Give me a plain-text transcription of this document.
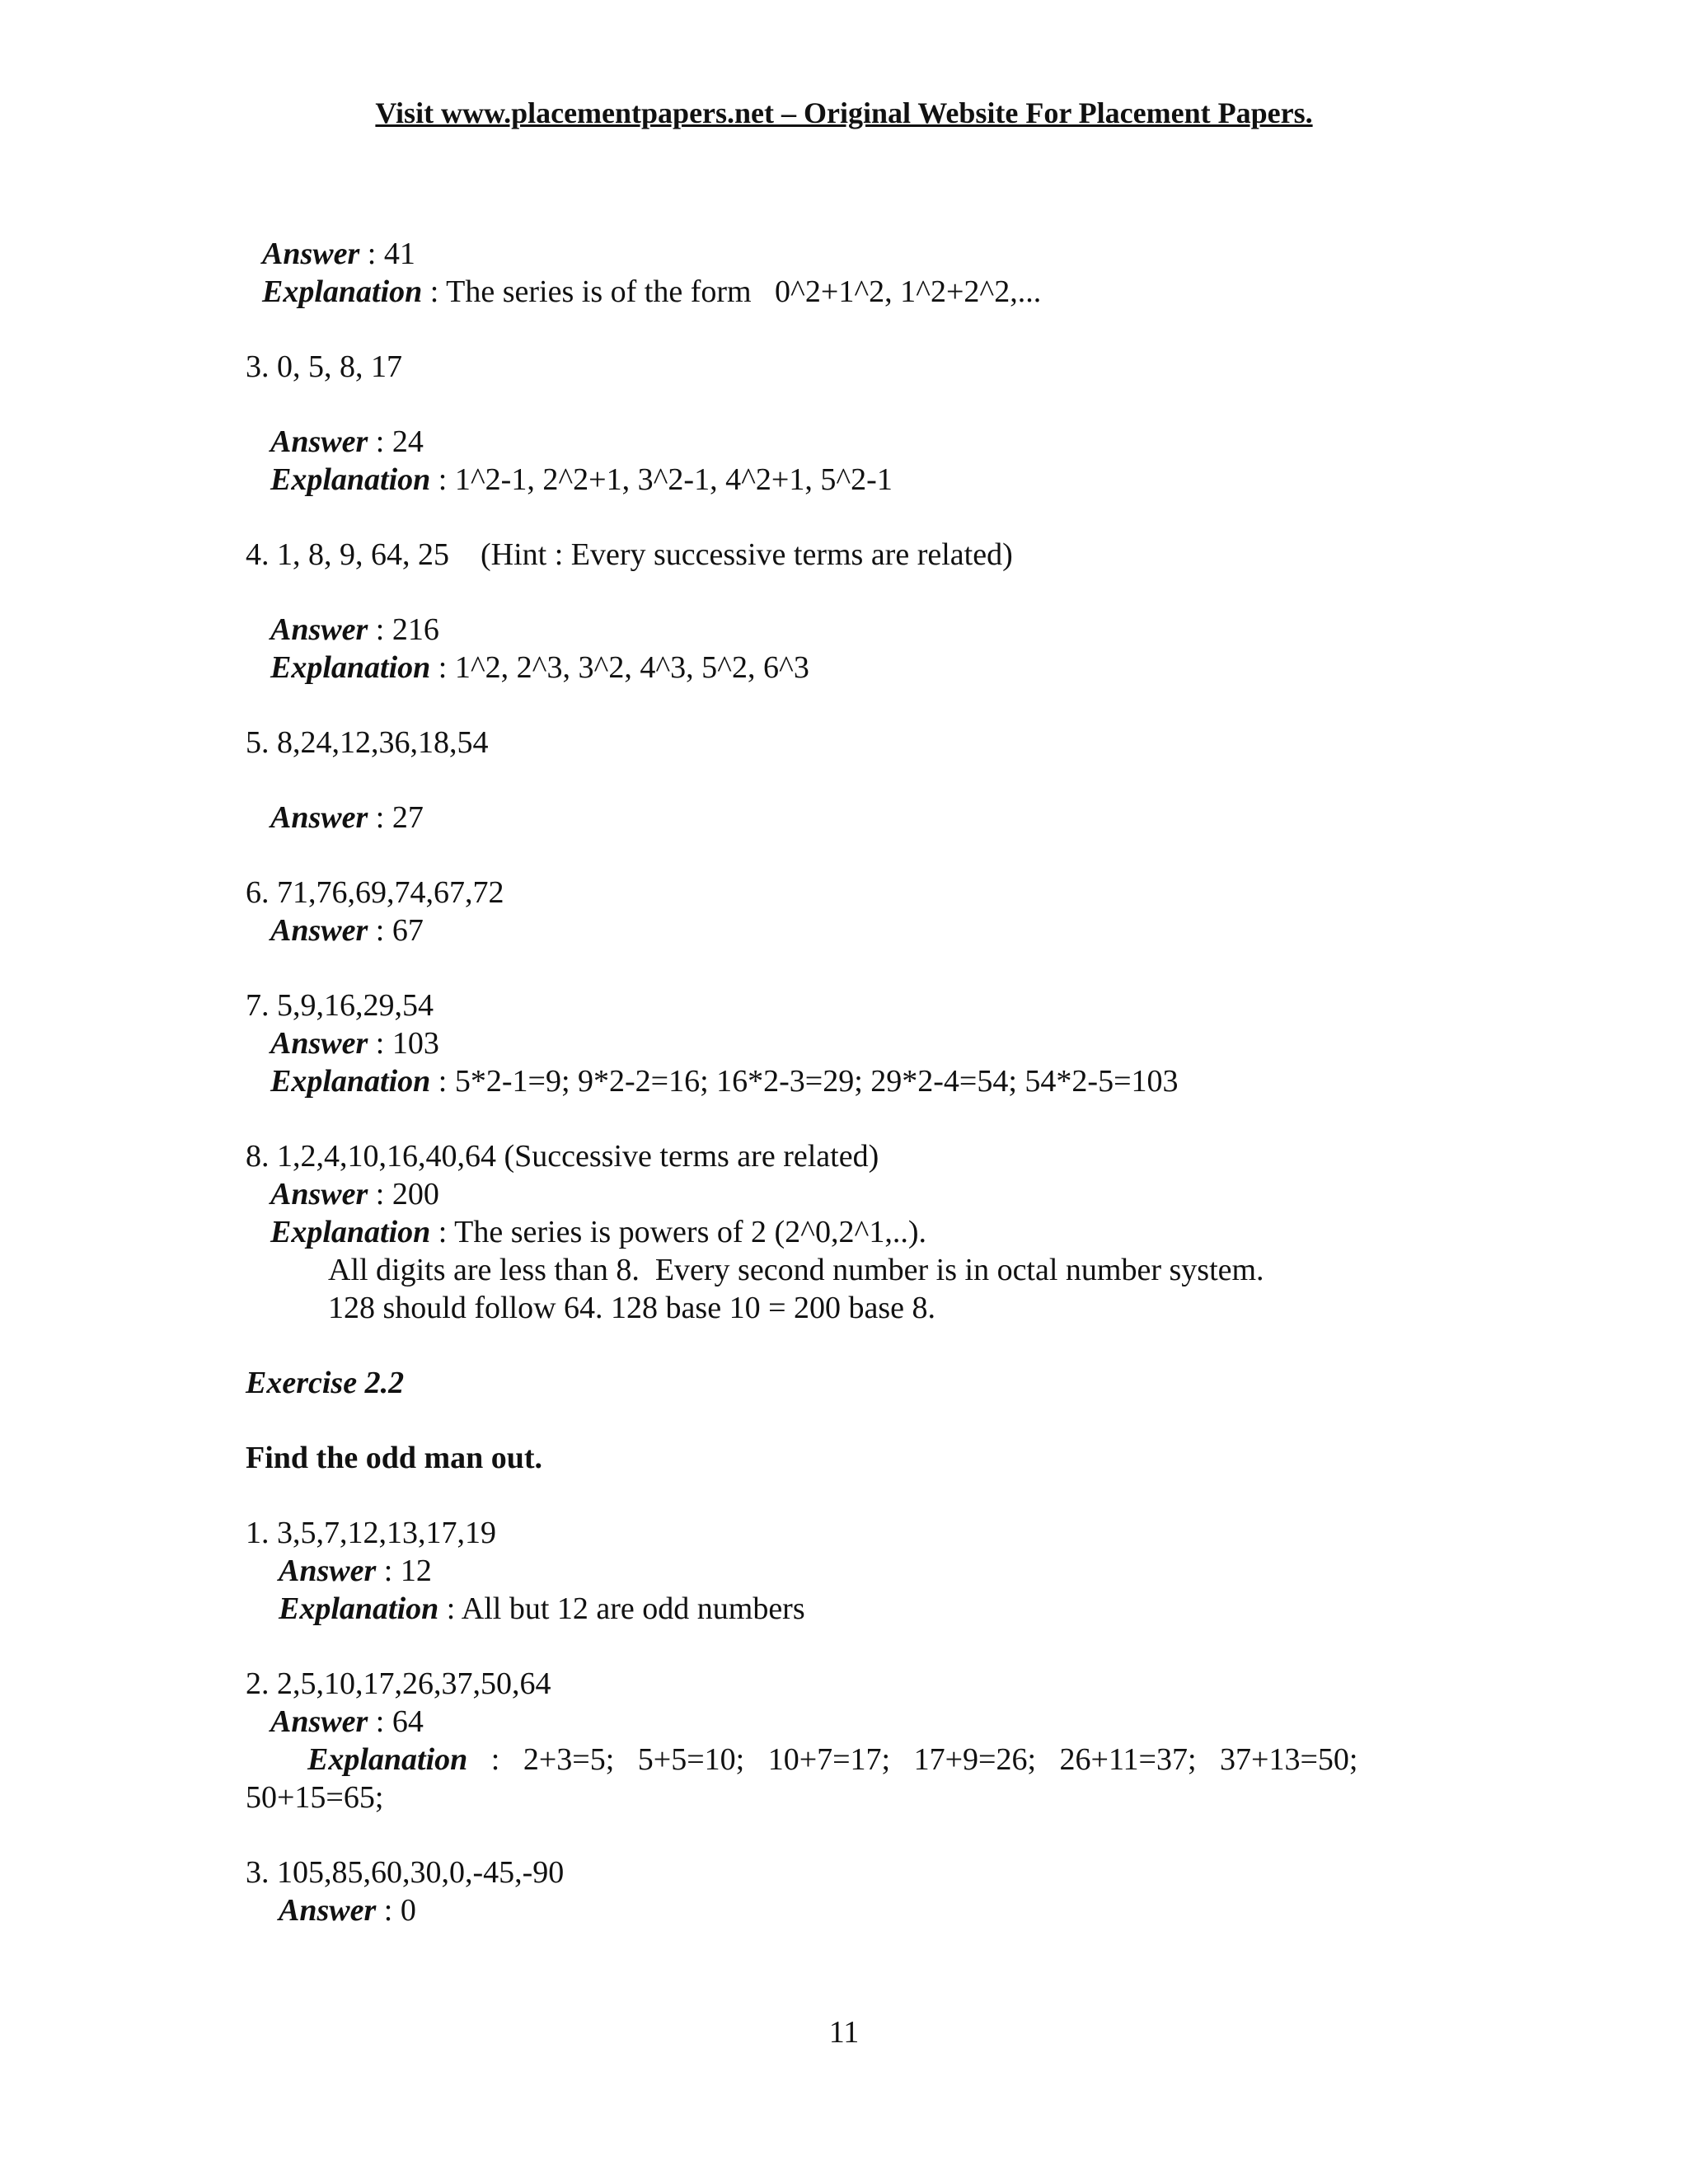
Visit www.placementpapers.net – Original Website For Placement Papers.

Answer : 41

Explanation : The series is of the form   0^2+1^2, 1^2+2^2,...

3. 0, 5, 8, 17

Answer : 24

Explanation : 1^2-1, 2^2+1, 3^2-1, 4^2+1, 5^2-1

4. 1, 8, 9, 64, 25    (Hint : Every successive terms are related)

Answer : 216

Explanation : 1^2, 2^3, 3^2, 4^3, 5^2, 6^3

5. 8,24,12,36,18,54

Answer : 27

6. 71,76,69,74,67,72

Answer : 67

7. 5,9,16,29,54

Answer : 103

Explanation : 5*2-1=9; 9*2-2=16; 16*2-3=29; 29*2-4=54; 54*2-5=103

8. 1,2,4,10,16,40,64 (Successive terms are related)

Answer : 200

Explanation : The series is powers of 2 (2^0,2^1,..).

All digits are less than 8.  Every second number is in octal number system.

128 should follow 64. 128 base 10 = 200 base 8.

Exercise 2.2

Find the odd man out.

1. 3,5,7,12,13,17,19

Answer : 12

Explanation : All but 12 are odd numbers

2. 2,5,10,17,26,37,50,64

Answer : 64

Explanation   :   2+3=5;   5+5=10;   10+7=17;   17+9=26;   26+11=37;   37+13=50;

50+15=65;

3. 105,85,60,30,0,-45,-90

Answer : 0

11
